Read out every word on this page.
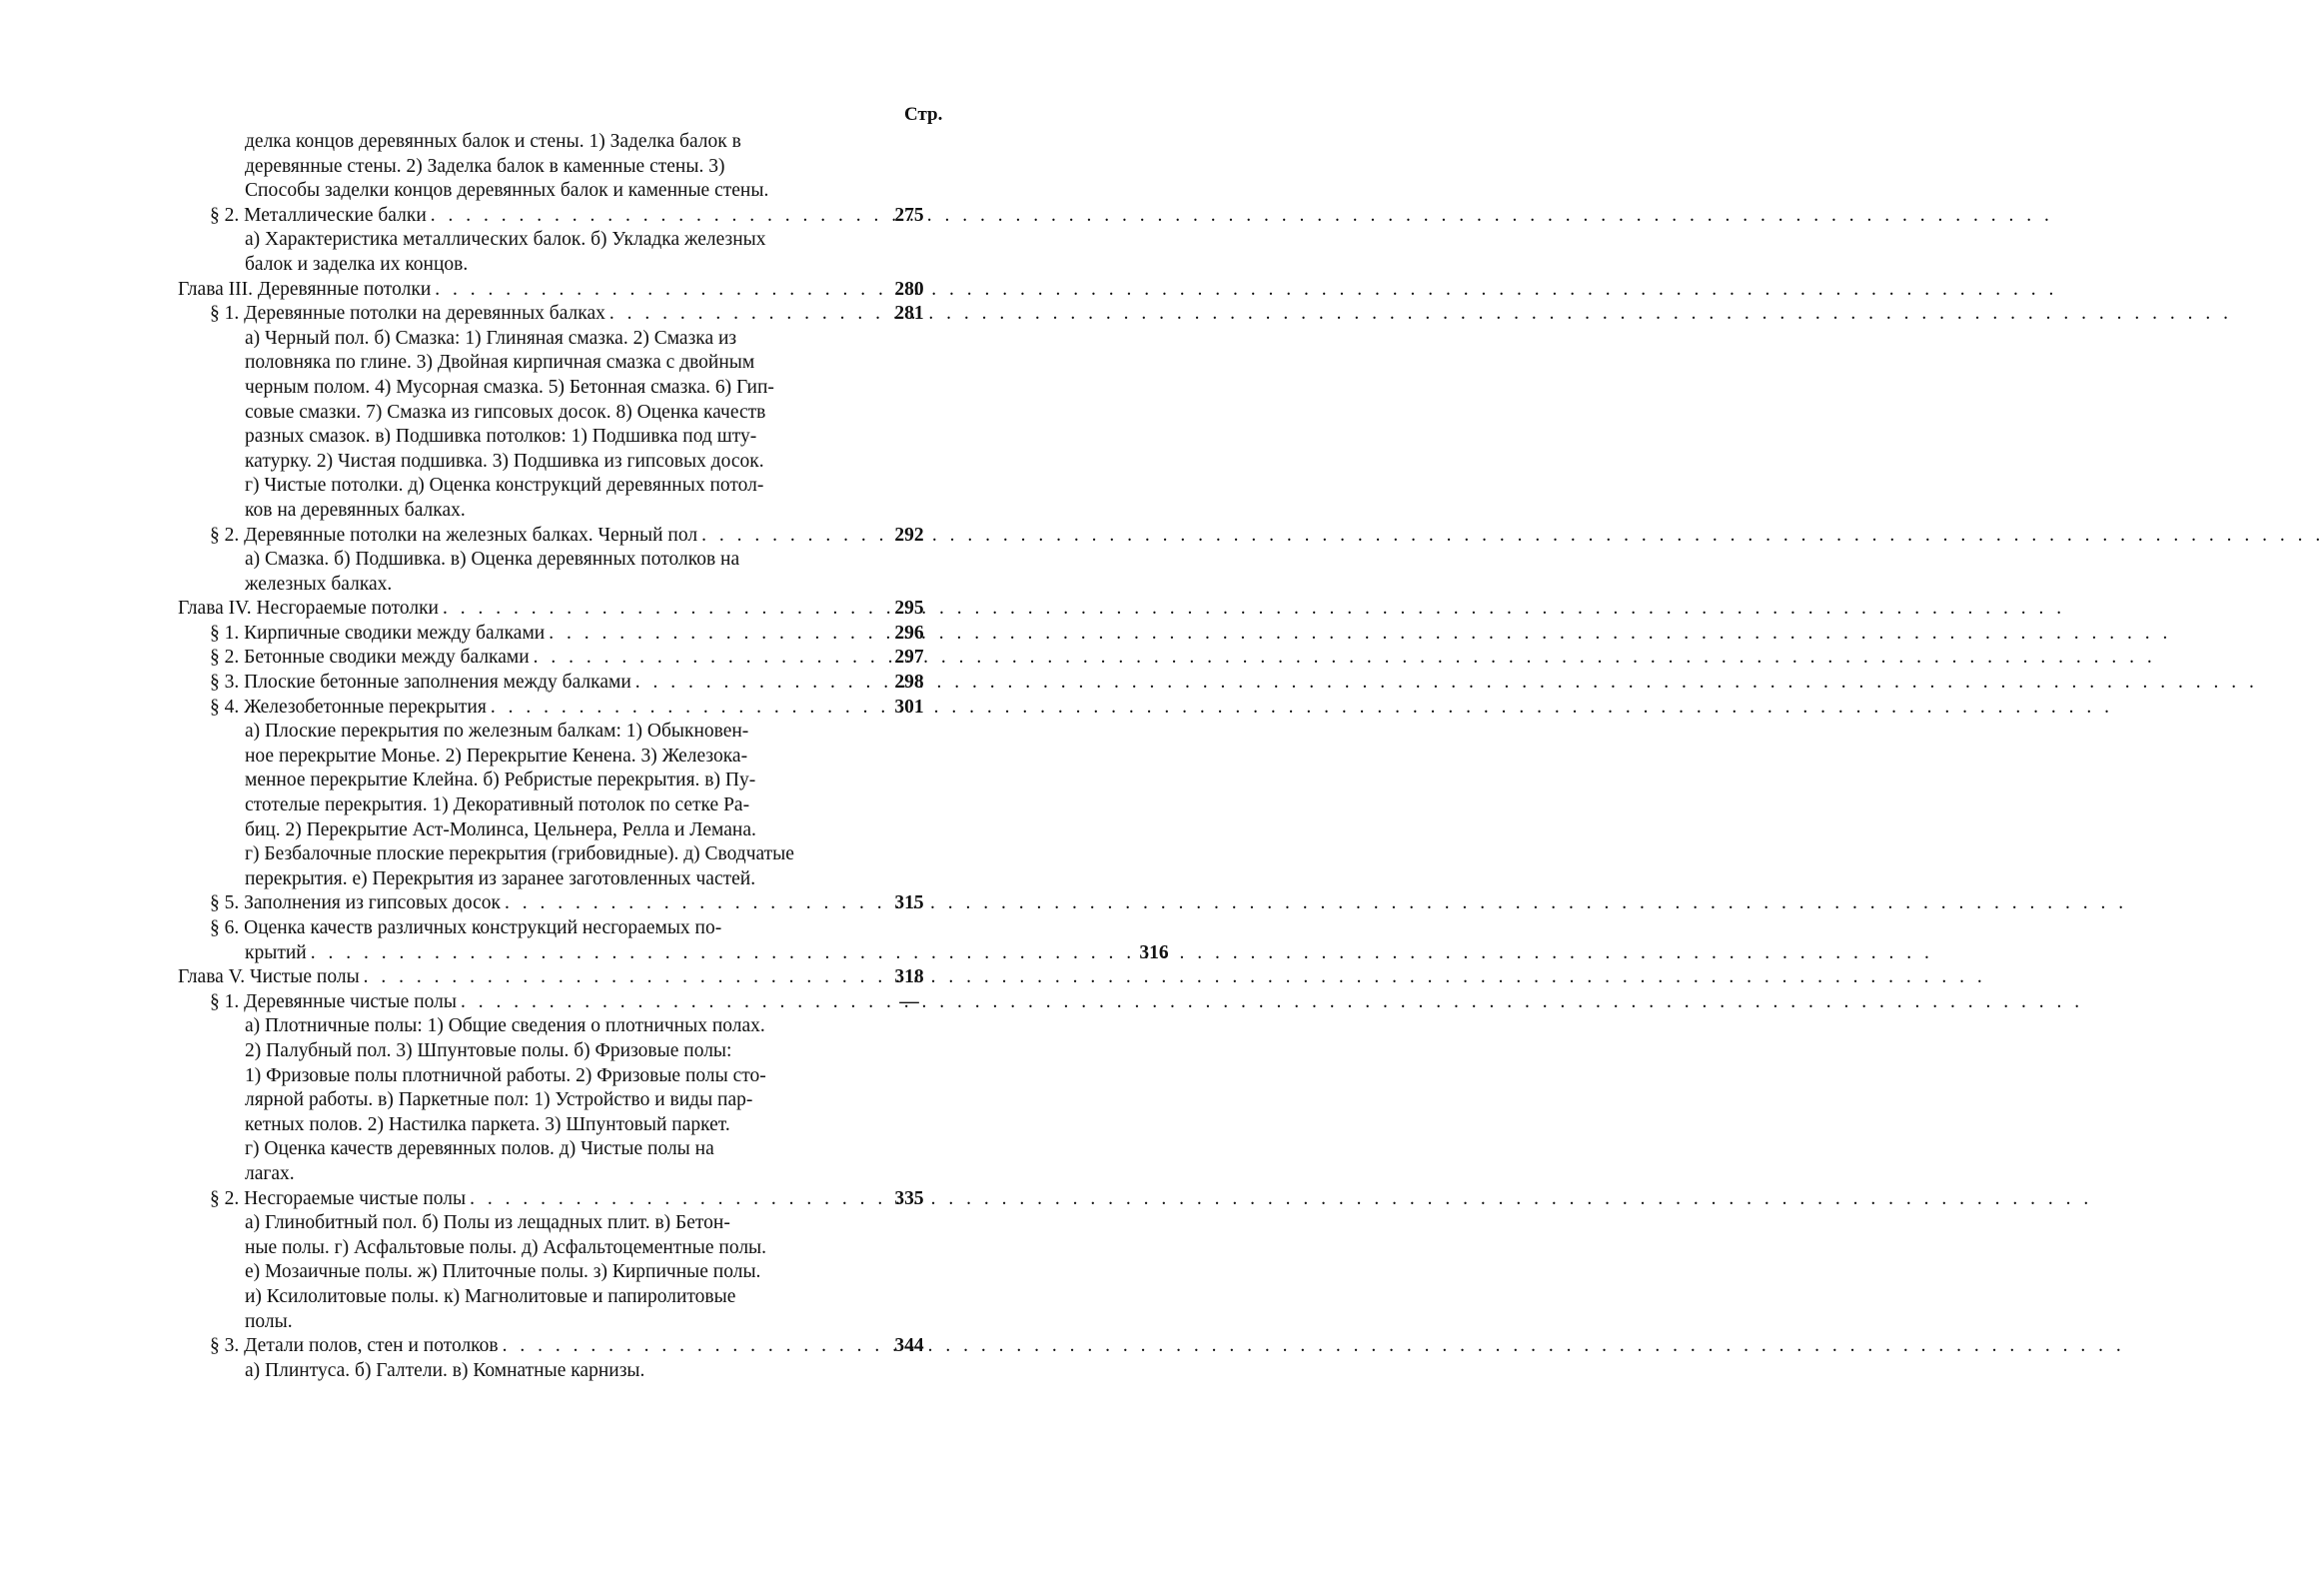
Стр.
делка концов деревянных балок и стены. 1) Заделка балок в
деревянные стены. 2) Заделка балок в каменные стены. 3)
Способы заделки концов деревянных балок и каменные стены.
§ 2. Металлические балки . . .	275
а) Характеристика металлических балок. б) Укладка железных
балок и заделка их концов.
Глава III. Деревянные потолки . . .	280
§ 1. Деревянные потолки на деревянных балках . . .	281
а) Черный пол. б) Смазка: 1) Глиняная смазка. 2) Смазка из
половняка по глине. 3) Двойная кирпичная смазка с двойным
черным полом. 4) Мусорная смазка. 5) Бетонная смазка. 6) Гип-
совые смазки. 7) Смазка из гипсовых досок. 8) Оценка качеств
разных смазок. в) Подшивка потолков: 1) Подшивка под шту-
катурку. 2) Чистая подшивка. 3) Подшивка из гипсовых досок.
г) Чистые потолки. д) Оценка конструкций деревянных потол-
ков на деревянных балках.
§ 2. Деревянные потолки на железных балках. Черный пол . . .	292
а) Смазка. б) Подшивка. в) Оценка деревянных потолков на
железных балках.
Глава IV. Несгораемые потолки . . .	295
§ 1. Кирпичные сводики между балками . . .	296
§ 2. Бетонные сводики между балками . . .	297
§ 3. Плоские бетонные заполнения между балками . . .	298
§ 4. Железобетонные перекрытия . . .	301
а) Плоские перекрытия по железным балкам: 1) Обыкновен-
ное перекрытие Монье. 2) Перекрытие Кенена. 3) Железока-
менное перекрытие Клейна. б) Ребристые перекрытия. в) Пу-
стотелые перекрытия. 1) Декоративный потолок по сетке Ра-
биц. 2) Перекрытие Аст-Молинса, Цельнера, Релла и Лемана.
г) Безбалочные плоские перекрытия (грибовидные). д) Сводчатые
перекрытия. е) Перекрытия из заранее заготовленных частей.
§ 5. Заполнения из гипсовых досок . . .	315
§ 6. Оценка качеств различных конструкций несгораемых по-
крытий . . .	316
Глава V. Чистые полы . . .	318
§ 1. Деревянные чистые полы . . .	—
а) Плотничные полы: 1) Общие сведения о плотничных полах.
2) Палубный пол. 3) Шпунтовые полы. б) Фризовые полы:
1) Фризовые полы плотничной работы. 2) Фризовые полы сто-
лярной работы. в) Паркетные пол: 1) Устройство и виды пар-
кетных полов. 2) Настилка паркета. 3) Шпунтовый паркет.
г) Оценка качеств деревянных полов. д) Чистые полы на
лагах.
§ 2. Несгораемые чистые полы . . .	335
а) Глинобитный пол. б) Полы из лещадных плит. в) Бетон-
ные полы. г) Асфальтовые полы. д) Асфальтоцементные полы.
е) Мозаичные полы. ж) Плиточные полы. з) Кирпичные полы.
и) Ксилолитовые полы. к) Магнолитовые и папиролитовые
полы.
§ 3. Детали полов, стен и потолков . . .	344
а) Плинтуса. б) Галтели. в) Комнатные карнизы.
